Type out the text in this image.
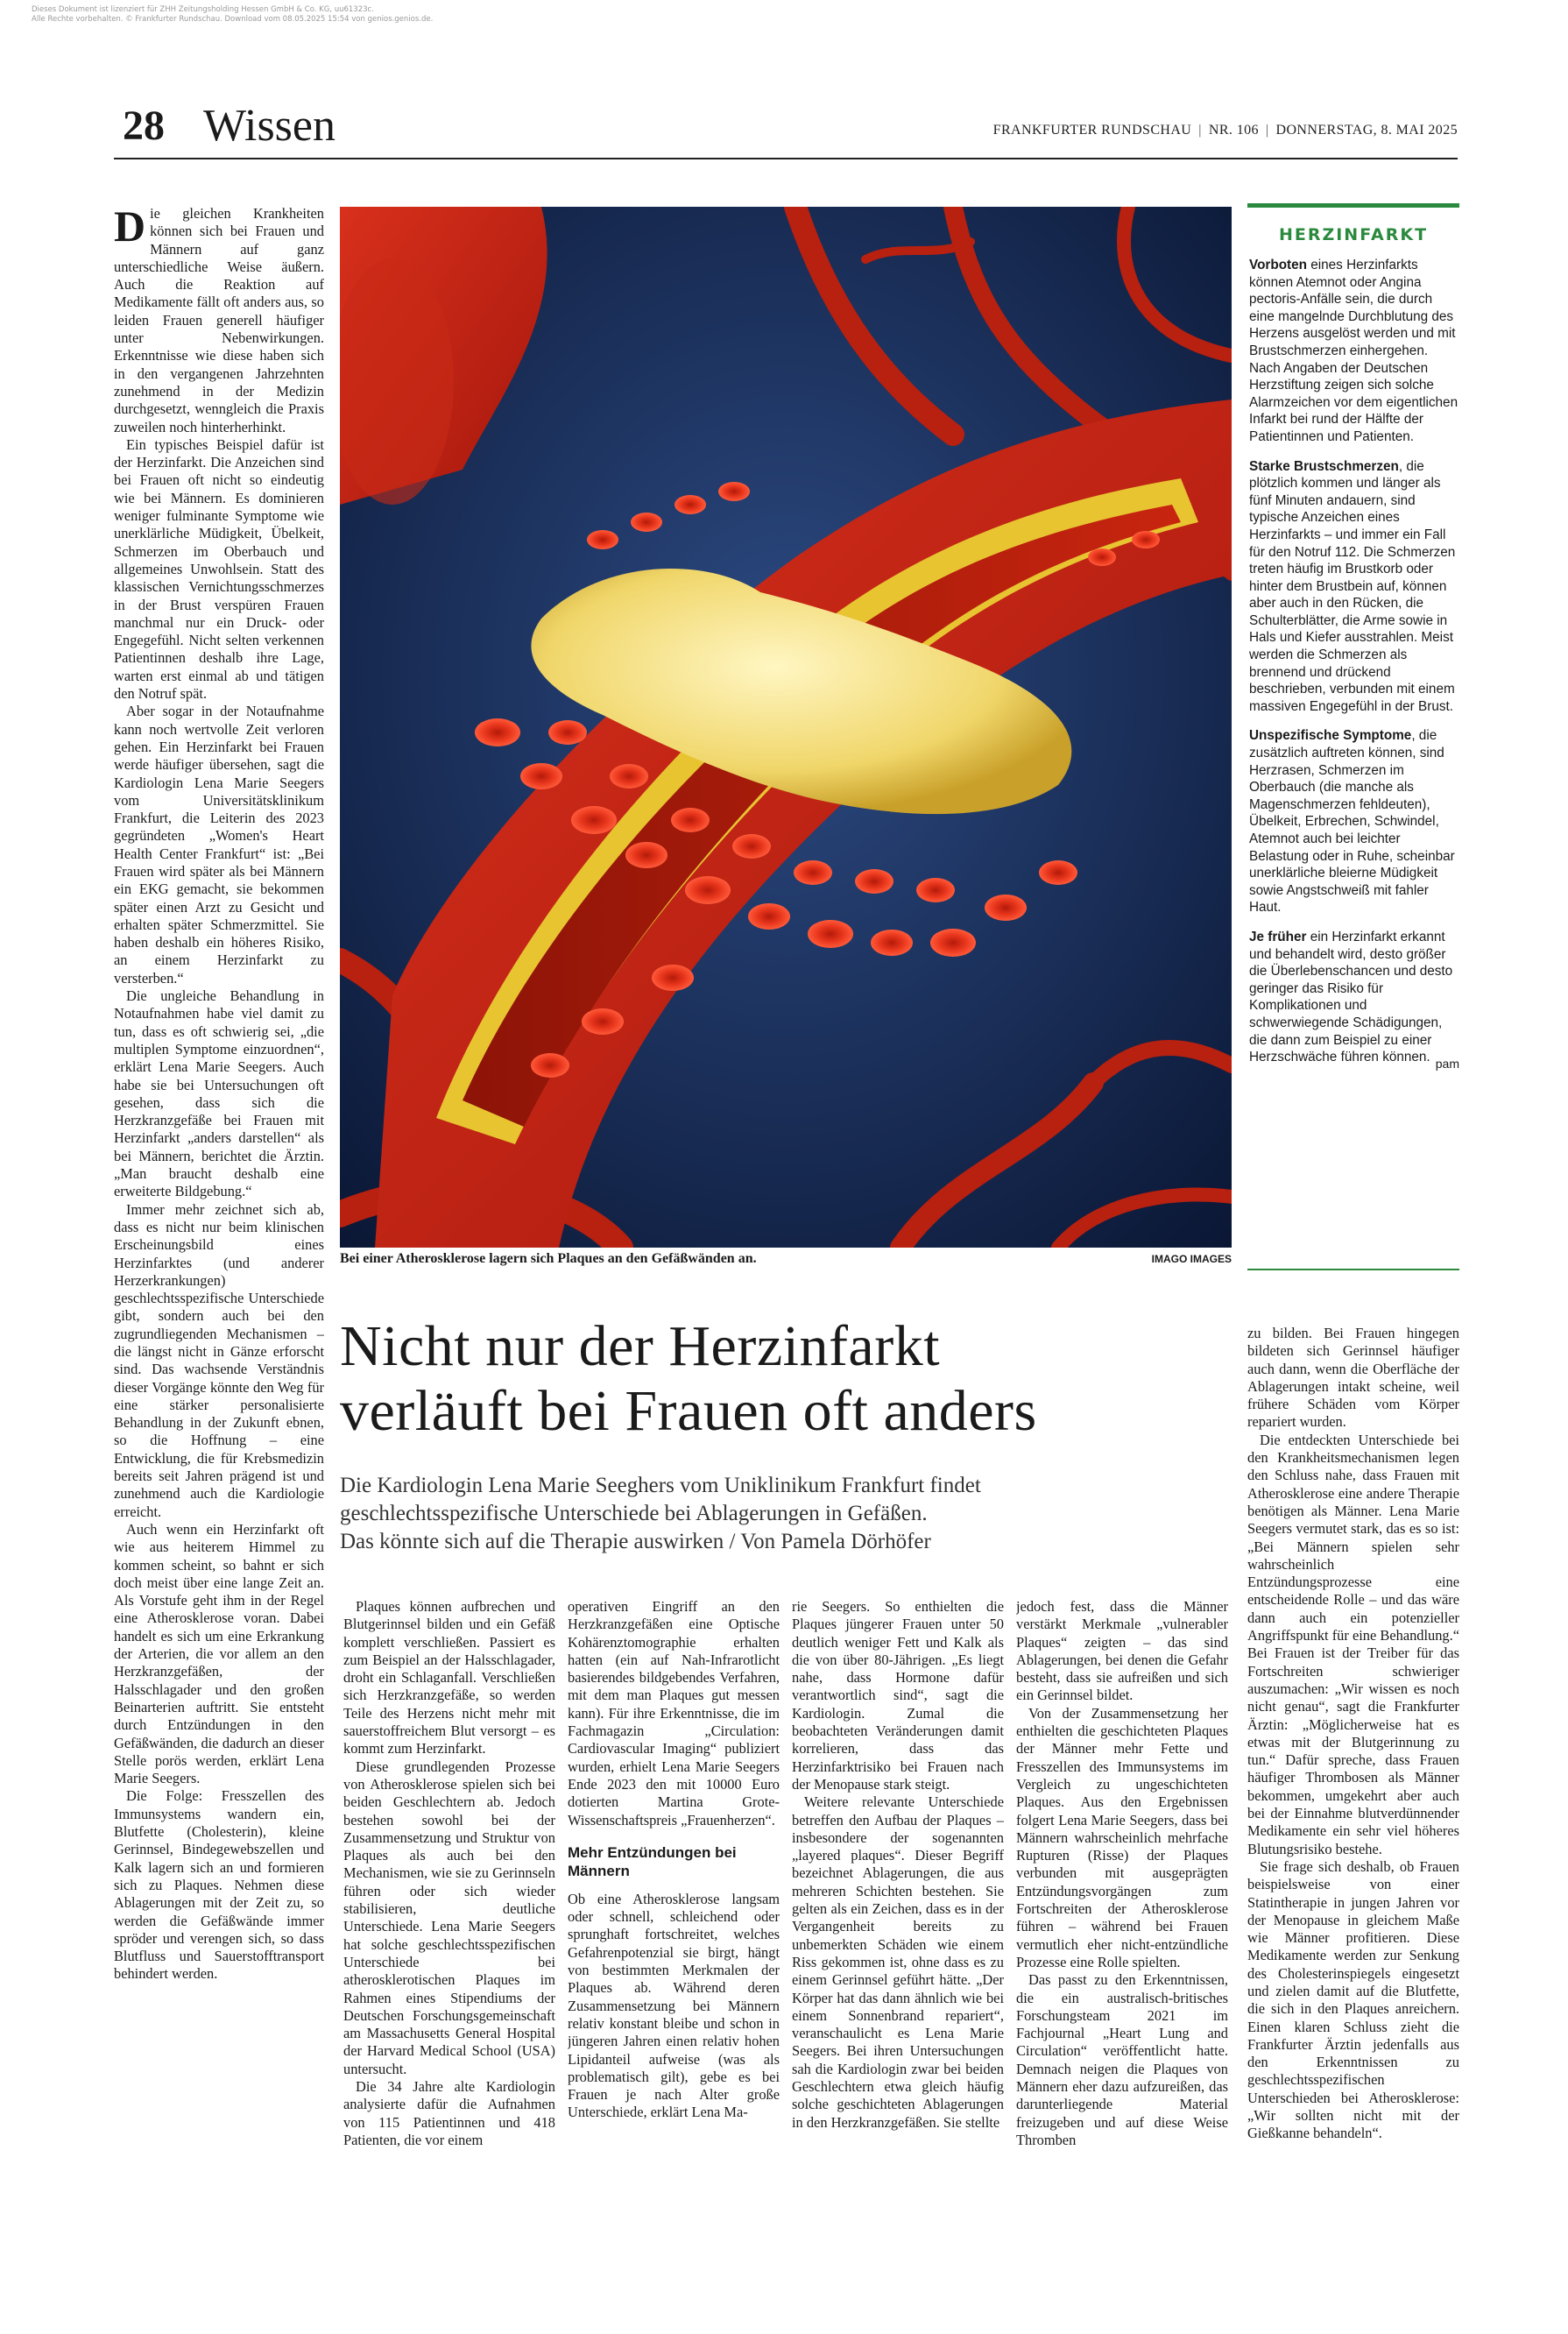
Dieses Dokument ist lizenziert für ZHH Zeitungsholding Hessen GmbH & Co. KG, uu61323c.
Alle Rechte vorbehalten. © Frankfurter Rundschau. Download vom 08.05.2025 15:54 von genios.genios.de.
28 Wissen	FRANKFURTER RUNDSCHAU | NR. 106 | DONNERSTAG, 8. MAI 2025

Die gleichen Krankheiten können sich bei Frauen und Männern auf ganz unterschiedliche Weise äußern. Auch die Reaktion auf Medikamente fällt oft anders aus, so leiden Frauen generell häufiger unter Nebenwirkungen. Erkenntnisse wie diese haben sich in den vergangenen Jahrzehnten zunehmend in der Medizin durchgesetzt, wenngleich die Praxis zuweilen noch hinterherhinkt.

Ein typisches Beispiel dafür ist der Herzinfarkt. Die Anzeichen sind bei Frauen oft nicht so eindeutig wie bei Männern. Es dominieren weniger fulminante Symptome wie unerklärliche Müdigkeit, Übelkeit, Schmerzen im Oberbauch und allgemeines Unwohlsein. Statt des klassischen Vernichtungsschmerzes in der Brust verspüren Frauen manchmal nur ein Druck- oder Engegefühl. Nicht selten verkennen Patientinnen deshalb ihre Lage, warten erst einmal ab und tätigen den Notruf spät.

Aber sogar in der Notaufnahme kann noch wertvolle Zeit verloren gehen. Ein Herzinfarkt bei Frauen werde häufiger übersehen, sagt die Kardiologin Lena Marie Seegers vom Universitätsklinikum Frankfurt, die Leiterin des 2023 gegründeten „Women's Heart Health Center Frankfurt“ ist: „Bei Frauen wird später als bei Männern ein EKG gemacht, sie bekommen später einen Arzt zu Gesicht und erhalten später Schmerzmittel. Sie haben deshalb ein höheres Risiko, an einem Herzinfarkt zu versterben.“

Die ungleiche Behandlung in Notaufnahmen habe viel damit zu tun, dass es oft schwierig sei, „die multiplen Symptome einzuordnen“, erklärt Lena Marie Seegers. Auch habe sie bei Untersuchungen oft gesehen, dass sich die Herzkranzgefäße bei Frauen mit Herzinfarkt „anders darstellen“ als bei Männern, berichtet die Ärztin. „Man braucht deshalb eine erweiterte Bildgebung.“

Immer mehr zeichnet sich ab, dass es nicht nur beim klinischen Erscheinungsbild eines Herzinfarktes (und anderer Herzerkrankungen) geschlechtsspezifische Unterschiede gibt, sondern auch bei den zugrundliegenden Mechanismen – die längst nicht in Gänze erforscht sind. Das wachsende Verständnis dieser Vorgänge könnte den Weg für eine stärker personalisierte Behandlung in der Zukunft ebnen, so die Hoffnung – eine Entwicklung, die für Krebsmedizin bereits seit Jahren prägend ist und zunehmend auch die Kardiologie erreicht.

Auch wenn ein Herzinfarkt oft wie aus heiterem Himmel zu kommen scheint, so bahnt er sich doch meist über eine lange Zeit an. Als Vorstufe geht ihm in der Regel eine Atherosklerose voran. Dabei handelt es sich um eine Erkrankung der Arterien, die vor allem an den Herzkranzgefäßen, der Halsschlagader und den großen Beinarterien auftritt. Sie entsteht durch Entzündungen in den Gefäßwänden, die dadurch an dieser Stelle porös werden, erklärt Lena Marie Seegers.

Die Folge: Fresszellen des Immunsystems wandern ein, Blutfette (Cholesterin), kleine Gerinnsel, Bindegewebszellen und Kalk lagern sich an und formieren sich zu Plaques. Nehmen diese Ablagerungen mit der Zeit zu, so werden die Gefäßwände immer spröder und verengen sich, so dass Blutfluss und Sauerstofftransport behindert werden.

Bei einer Atherosklerose lagern sich Plaques an den Gefäßwänden an.	IMAGO IMAGES
HERZINFARKT

Vorboten eines Herzinfarkts können Atemnot oder Angina pectoris-Anfälle sein, die durch eine mangelnde Durchblutung des Herzens ausgelöst werden und mit Brustschmerzen einhergehen. Nach Angaben der Deutschen Herzstiftung zeigen sich solche Alarmzeichen vor dem eigentlichen Infarkt bei rund der Hälfte der Patientinnen und Patienten.

Starke Brustschmerzen, die plötzlich kommen und länger als fünf Minuten andauern, sind typische Anzeichen eines Herzinfarkts – und immer ein Fall für den Notruf 112. Die Schmerzen treten häufig im Brustkorb oder hinter dem Brustbein auf, können aber auch in den Rücken, die Schulterblätter, die Arme sowie in Hals und Kiefer ausstrahlen. Meist werden die Schmerzen als brennend und drückend beschrieben, verbunden mit einem massiven Engegefühl in der Brust.

Unspezifische Symptome, die zusätzlich auftreten können, sind Herzrasen, Schmerzen im Oberbauch (die manche als Magenschmerzen fehldeuten), Übelkeit, Erbrechen, Schwindel, Atemnot auch bei leichter Belastung oder in Ruhe, scheinbar unerklärliche bleierne Müdigkeit sowie Angstschweiß mit fahler Haut.

Je früher ein Herzinfarkt erkannt und behandelt wird, desto größer die Überlebenschancen und desto geringer das Risiko für Komplikationen und schwerwiegende Schädigungen, die dann zum Beispiel zu einer Herzschwäche führen können. pam

Nicht nur der Herzinfarkt
verläuft bei Frauen oft anders
Die Kardiologin Lena Marie Seeghers vom Uniklinikum Frankfurt findet
geschlechtsspezifische Unterschiede bei Ablagerungen in Gefäßen.
Das könnte sich auf die Therapie auswirken / Von Pamela Dörhöfer

Plaques können aufbrechen und Blutgerinnsel bilden und ein Gefäß komplett verschließen. Passiert es zum Beispiel an der Halsschlagader, droht ein Schlaganfall. Verschließen sich Herzkranzgefäße, so werden Teile des Herzens nicht mehr mit sauerstoffreichem Blut versorgt – es kommt zum Herzinfarkt.

Diese grundlegenden Prozesse von Atherosklerose spielen sich bei beiden Geschlechtern ab. Jedoch bestehen sowohl bei der Zusammensetzung und Struktur von Plaques als auch bei den Mechanismen, wie sie zu Gerinnseln führen oder sich wieder stabilisieren, deutliche Unterschiede. Lena Marie Seegers hat solche geschlechtsspezifischen Unterschiede bei atherosklerotischen Plaques im Rahmen eines Stipendiums der Deutschen Forschungsgemeinschaft am Massachusetts General Hospital der Harvard Medical School (USA) untersucht.

Die 34 Jahre alte Kardiologin analysierte dafür die Aufnahmen von 115 Patientinnen und 418 Patienten, die vor einem

operativen Eingriff an den Herzkranzgefäßen eine Optische Kohärenztomographie erhalten hatten (ein auf Nah-Infrarotlicht basierendes bildgebendes Verfahren, mit dem man Plaques gut messen kann). Für ihre Erkenntnisse, die im Fachmagazin „Circulation: Cardiovascular Imaging“ publiziert wurden, erhielt Lena Marie Seegers Ende 2023 den mit 10000 Euro dotierten Martina Grote-Wissenschaftspreis „Frauenherzen“.

Mehr Entzündungen bei Männern

Ob eine Atherosklerose langsam oder schnell, schleichend oder sprunghaft fortschreitet, welches Gefahrenpotenzial sie birgt, hängt von bestimmten Merkmalen der Plaques ab. Während deren Zusammensetzung bei Männern relativ konstant bleibe und schon in jüngeren Jahren einen relativ hohen Lipidanteil aufweise (was als problematisch gilt), gebe es bei Frauen je nach Alter große Unterschiede, erklärt Lena Ma-

rie Seegers. So enthielten die Plaques jüngerer Frauen unter 50 deutlich weniger Fett und Kalk als die von über 80-Jährigen. „Es liegt nahe, dass Hormone dafür verantwortlich sind“, sagt die Kardiologin. Zumal die beobachteten Veränderungen damit korrelieren, dass das Herzinfarktrisiko bei Frauen nach der Menopause stark steigt.

Weitere relevante Unterschiede betreffen den Aufbau der Plaques – insbesondere der sogenannten „layered plaques“. Dieser Begriff bezeichnet Ablagerungen, die aus mehreren Schichten bestehen. Sie gelten als ein Zeichen, dass es in der Vergangenheit bereits zu unbemerkten Schäden wie einem Riss gekommen ist, ohne dass es zu einem Gerinnsel geführt hätte. „Der Körper hat das dann ähnlich wie bei einem Sonnenbrand repariert“, veranschaulicht es Lena Marie Seegers. Bei ihren Untersuchungen sah die Kardiologin zwar bei beiden Geschlechtern etwa gleich häufig solche geschichteten Ablagerungen in den Herzkranzgefäßen. Sie stellte

jedoch fest, dass die Männer verstärkt Merkmale „vulnerabler Plaques“ zeigten – das sind Ablagerungen, bei denen die Gefahr besteht, dass sie aufreißen und sich ein Gerinnsel bildet.

Von der Zusammensetzung her enthielten die geschichteten Plaques der Männer mehr Fette und Fresszellen des Immunsystems im Vergleich zu ungeschichteten Plaques. Aus den Ergebnissen folgert Lena Marie Seegers, dass bei Männern wahrscheinlich mehrfache Rupturen (Risse) der Plaques verbunden mit ausgeprägten Entzündungsvorgängen zum Fortschreiten der Atherosklerose führen – während bei Frauen vermutlich eher nicht-entzündliche Prozesse eine Rolle spielten.

Das passt zu den Erkenntnissen, die ein australisch-britisches Forschungsteam 2021 im Fachjournal „Heart Lung and Circulation“ veröffentlicht hatte. Demnach neigen die Plaques von Männern eher dazu aufzureißen, das darunterliegende Material freizugeben und auf diese Weise Thromben

zu bilden. Bei Frauen hingegen bildeten sich Gerinnsel häufiger auch dann, wenn die Oberfläche der Ablagerungen intakt scheine, weil frühere Schäden vom Körper repariert wurden.

Die entdeckten Unterschiede bei den Krankheitsmechanismen legen den Schluss nahe, dass Frauen mit Atherosklerose eine andere Therapie benötigen als Männer. Lena Marie Seegers vermutet stark, das es so ist: „Bei Männern spielen sehr wahrscheinlich Entzündungsprozesse eine entscheidende Rolle – und das wäre dann auch ein potenzieller Angriffspunkt für eine Behandlung.“ Bei Frauen ist der Treiber für das Fortschreiten schwieriger auszumachen: „Wir wissen es noch nicht genau“, sagt die Frankfurter Ärztin: „Möglicherweise hat es etwas mit der Blutgerinnung zu tun.“ Dafür spreche, dass Frauen häufiger Thrombosen als Männer bekommen, umgekehrt aber auch bei der Einnahme blutverdünnender Medikamente ein sehr viel höheres Blutungsrisiko bestehe.

Sie frage sich deshalb, ob Frauen beispielsweise von einer Statintherapie in jungen Jahren vor der Menopause in gleichem Maße wie Männer profitieren. Diese Medikamente werden zur Senkung des Cholesterinspiegels eingesetzt und zielen damit auf die Blutfette, die sich in den Plaques anreichern. Einen klaren Schluss zieht die Frankfurter Ärztin jedenfalls aus den Erkenntnissen zu geschlechtsspezifischen Unterschieden bei Atherosklerose: „Wir sollten nicht mit der Gießkanne behandeln“.
